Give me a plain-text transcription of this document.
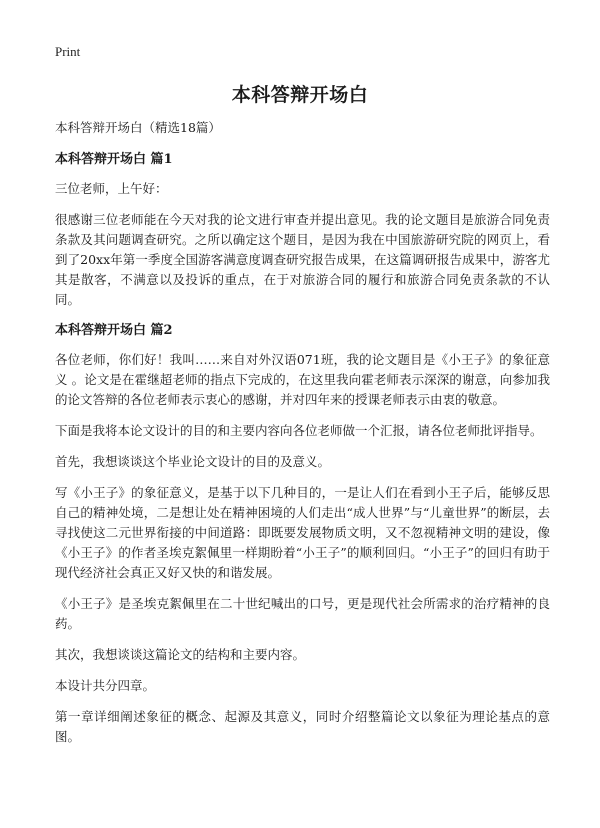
Print
本科答辩开场白
本科答辩开场白（精选18篇）
本科答辩开场白 篇1

三位老师，上午好：

很感谢三位老师能在今天对我的论文进行审查并提出意见。我的论文题目是旅游合同免责条款及其问题调查研究。之所以确定这个题目，是因为我在中国旅游研究院的网页上，看到了20xx年第一季度全国游客满意度调查研究报告成果，在这篇调研报告成果中，游客尤其是散客，不满意以及投诉的重点，在于对旅游合同的履行和旅游合同免责条款的不认同。

本科答辩开场白 篇2

各位老师，你们好！我叫……来自对外汉语071班，我的论文题目是《小王子》的象征意义 。论文是在霍继超老师的指点下完成的，在这里我向霍老师表示深深的谢意，向参加我的论文答辩的各位老师表示衷心的感谢，并对四年来的授课老师表示由衷的敬意。

下面是我将本论文设计的目的和主要内容向各位老师做一个汇报，请各位老师批评指导。

首先，我想谈谈这个毕业论文设计的目的及意义。

写《小王子》的象征意义，是基于以下几种目的，一是让人们在看到小王子后，能够反思自己的精神处境，二是想让处在精神困境的人们走出“成人世界”与“儿童世界”的断层，去寻找使这二元世界衔接的中间道路：即既要发展物质文明，又不忽视精神文明的建设，像《小王子》的作者圣埃克絮佩里一样期盼着“小王子”的顺利回归。“小王子”的回归有助于现代经济社会真正又好又快的和谐发展。

《小王子》是圣埃克絮佩里在二十世纪喊出的口号，更是现代社会所需求的治疗精神的良药。

其次，我想谈谈这篇论文的结构和主要内容。

本设计共分四章。

第一章详细阐述象征的概念、起源及其意义，同时介绍整篇论文以象征为理论基点的意图。
